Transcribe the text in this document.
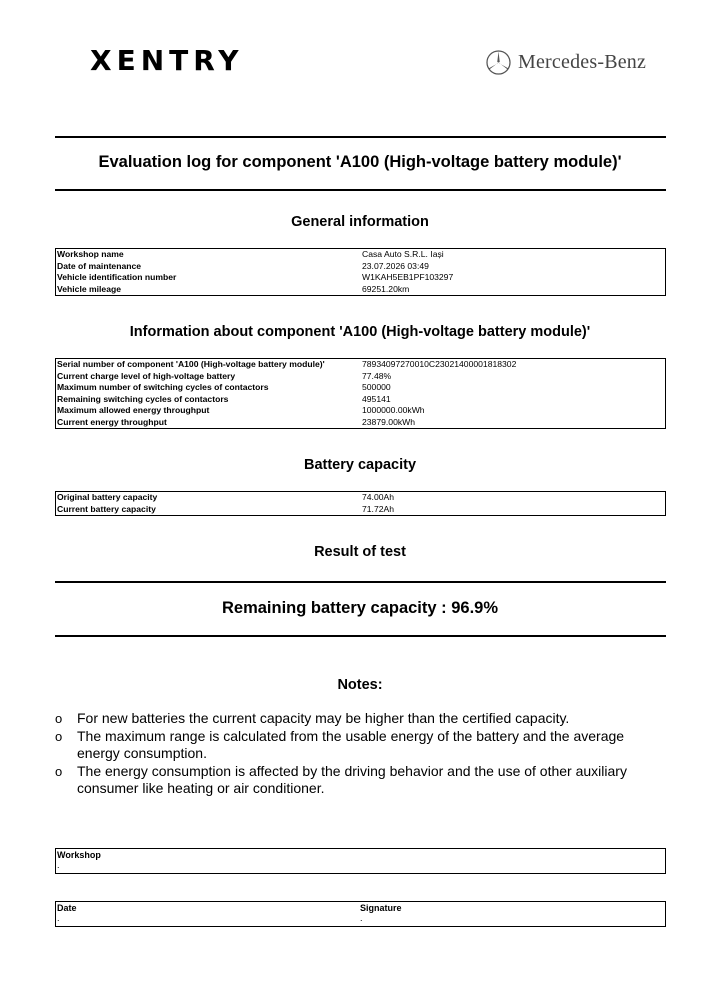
XENTRY	Mercedes-Benz
Evaluation log for component 'A100 (High-voltage battery module)'
General information
Workshop name	Casa Auto S.R.L. Iași
Date of maintenance	23.07.2026 03:49
Vehicle identification number	W1KAH5EB1PF103297
Vehicle mileage	69251.20km
Information about component 'A100 (High-voltage battery module)'
Serial number of component 'A100 (High-voltage battery module)'	78934097270010C23021400001818302
Current charge level of high-voltage battery	77.48%
Maximum number of switching cycles of contactors	500000
Remaining switching cycles of contactors	495141
Maximum allowed energy throughput	1000000.00kWh
Current energy throughput	23879.00kWh
Battery capacity
Original battery capacity	74.00Ah
Current battery capacity	71.72Ah
Result of test
Remaining battery capacity : 96.9%
Notes:
o For new batteries the current capacity may be higher than the certified capacity.
o The maximum range is calculated from the usable energy of the battery and the average energy consumption.
o The energy consumption is affected by the driving behavior and the use of other auxiliary consumer like heating or air conditioner.
Workshop
.
Date
.
Signature
.
